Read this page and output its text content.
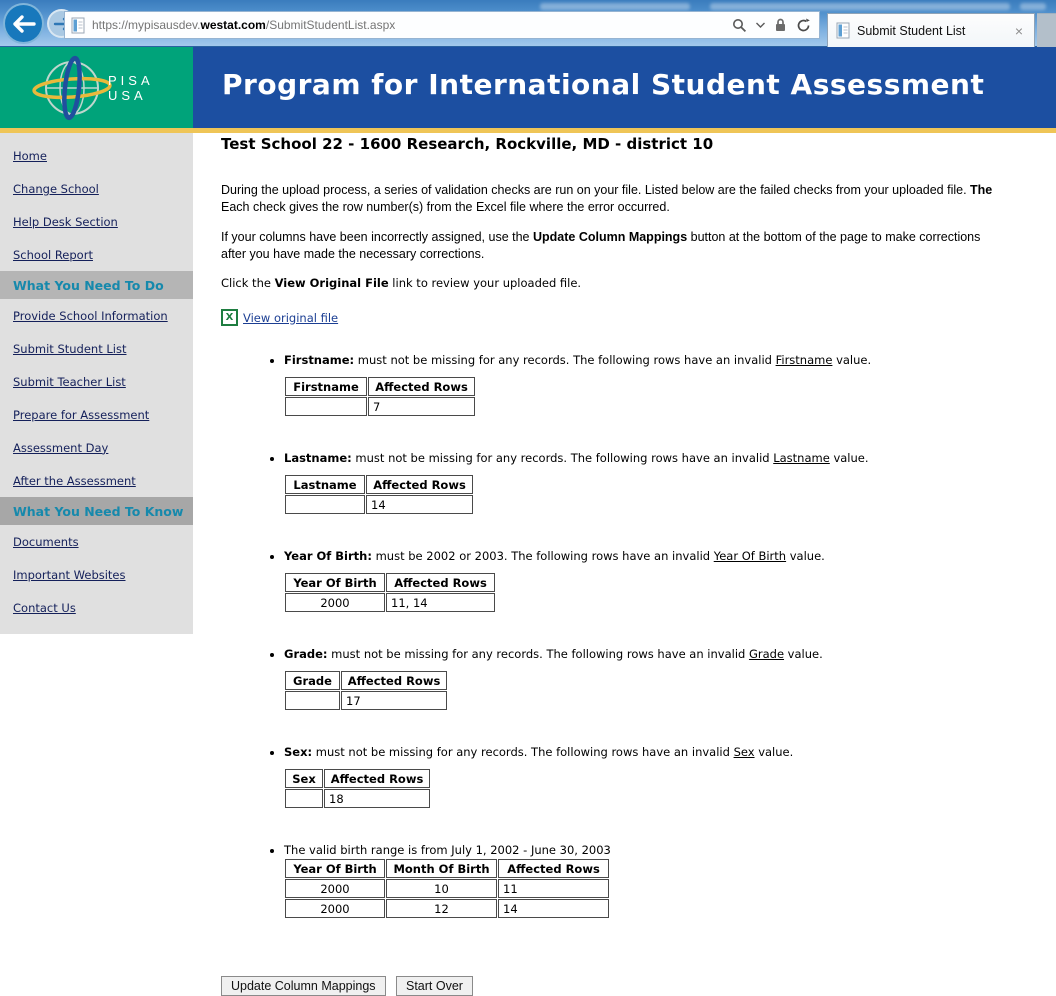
https://mypisausdev.westat.com/SubmitStudentList.aspx	Submit Student List	×
PISA
USA	Program for International Student Assessment
Home
Change School
Help Desk Section
School Report
What You Need To Do
Provide School Information
Submit Student List
Submit Teacher List
Prepare for Assessment
Assessment Day
After the Assessment
What You Need To Know
Documents
Important Websites
Contact Us
Test School 22 - 1600 Research, Rockville, MD - district 10
During the upload process, a series of validation checks are run on your file. Listed below are the failed checks from your uploaded file. The
Each check gives the row number(s) from the Excel file where the error occurred.
If your columns have been incorrectly assigned, use the Update Column Mappings button at the bottom of the page to make corrections
after you have made the necessary corrections.
Click the View Original File link to review your uploaded file.
X View original file
• Firstname: must not be missing for any records. The following rows have an invalid Firstname value.
Firstname	Affected Rows
	7
• Lastname: must not be missing for any records. The following rows have an invalid Lastname value.
Lastname	Affected Rows
	14
• Year Of Birth: must be 2002 or 2003. The following rows have an invalid Year Of Birth value.
Year Of Birth	Affected Rows
2000	11, 14
• Grade: must not be missing for any records. The following rows have an invalid Grade value.
Grade	Affected Rows
	17
• Sex: must not be missing for any records. The following rows have an invalid Sex value.
Sex	Affected Rows
	18
• The valid birth range is from July 1, 2002 - June 30, 2003
Year Of Birth	Month Of Birth	Affected Rows
2000	10	11
2000	12	14
Update Column Mappings Start Over
